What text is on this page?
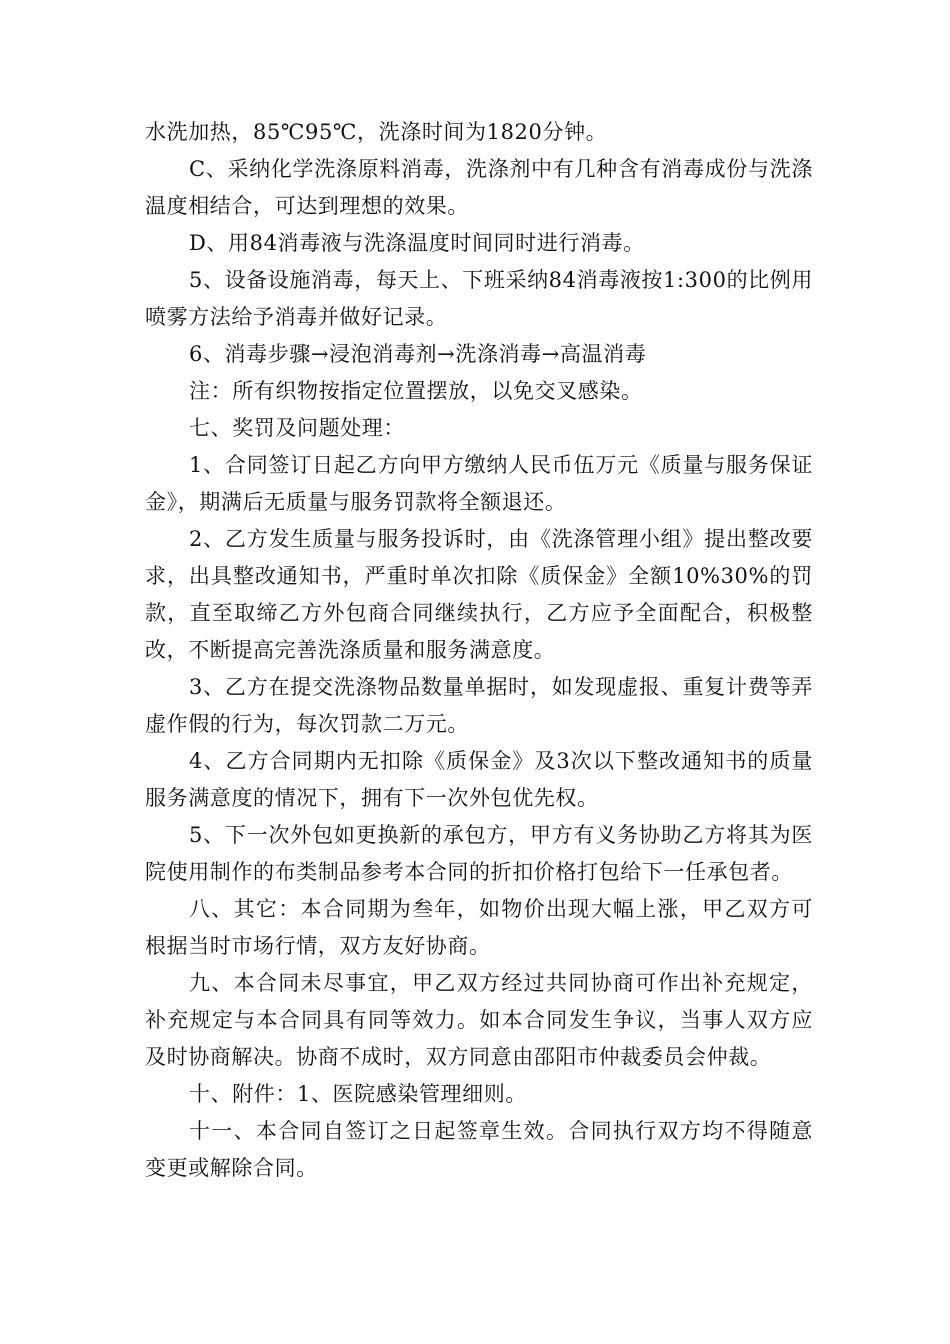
水洗加热，85℃95℃，洗涤时间为1820分钟。

C、采纳化学洗涤原料消毒，洗涤剂中有几种含有消毒成份与洗涤温度相结合，可达到理想的效果。

D、用84消毒液与洗涤温度时间同时进行消毒。

5、设备设施消毒，每天上、下班采纳84消毒液按1:300的比例用喷雾方法给予消毒并做好记录。

6、消毒步骤→浸泡消毒剂→洗涤消毒→高温消毒

注：所有织物按指定位置摆放，以免交叉感染。

七、奖罚及问题处理：

1、合同签订日起乙方向甲方缴纳人民币伍万元《质量与服务保证金》，期满后无质量与服务罚款将全额退还。

2、乙方发生质量与服务投诉时，由《洗涤管理小组》提出整改要求，出具整改通知书，严重时单次扣除《质保金》全额10%30%的罚款，直至取缔乙方外包商合同继续执行，乙方应予全面配合，积极整改，不断提高完善洗涤质量和服务满意度。

3、乙方在提交洗涤物品数量单据时，如发现虚报、重复计费等弄虚作假的行为，每次罚款二万元。

4、乙方合同期内无扣除《质保金》及3次以下整改通知书的质量服务满意度的情况下，拥有下一次外包优先权。

5、下一次外包如更换新的承包方，甲方有义务协助乙方将其为医院使用制作的布类制品参考本合同的折扣价格打包给下一任承包者。

八、其它：本合同期为叁年，如物价出现大幅上涨，甲乙双方可根据当时市场行情，双方友好协商。

九、本合同未尽事宜，甲乙双方经过共同协商可作出补充规定，补充规定与本合同具有同等效力。如本合同发生争议，当事人双方应及时协商解决。协商不成时，双方同意由邵阳市仲裁委员会仲裁。

十、附件：1、医院感染管理细则。

十一、本合同自签订之日起签章生效。合同执行双方均不得随意变更或解除合同。
